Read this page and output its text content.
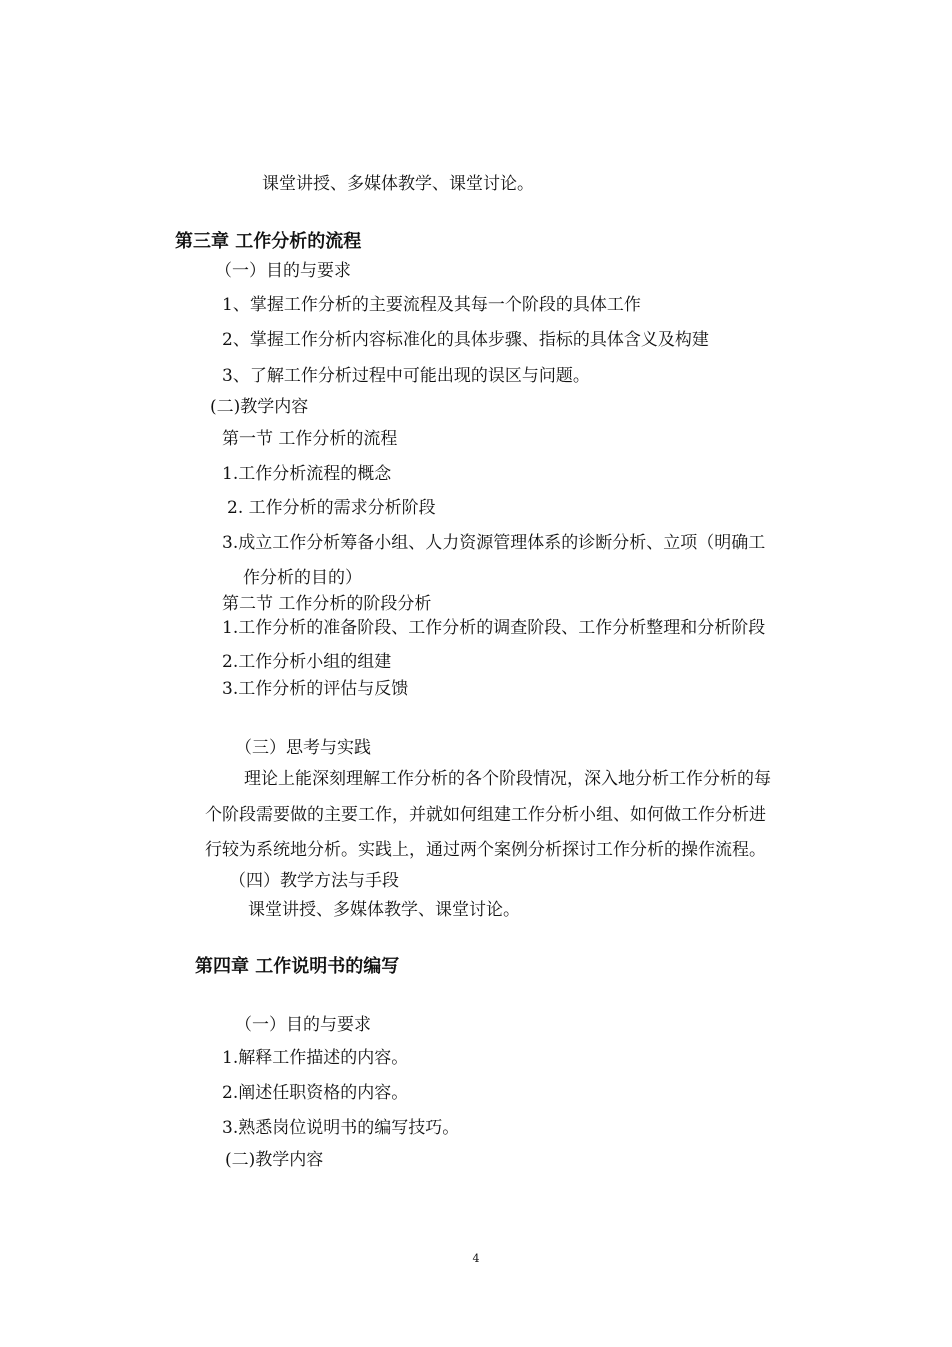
课堂讲授、多媒体教学、课堂讨论。
第三章 工作分析的流程
（一）目的与要求
1、掌握工作分析的主要流程及其每一个阶段的具体工作
2、掌握工作分析内容标准化的具体步骤、指标的具体含义及构建
3、了解工作分析过程中可能出现的误区与问题。
(二)教学内容
第一节 工作分析的流程
1.工作分析流程的概念
2. 工作分析的需求分析阶段
3.成立工作分析筹备小组、人力资源管理体系的诊断分析、立项（明确工
作分析的目的）
第二节 工作分析的阶段分析
1.工作分析的准备阶段、工作分析的调查阶段、工作分析整理和分析阶段
2.工作分析小组的组建
3.工作分析的评估与反馈
（三）思考与实践
理论上能深刻理解工作分析的各个阶段情况，深入地分析工作分析的每
个阶段需要做的主要工作，并就如何组建工作分析小组、如何做工作分析进
行较为系统地分析。实践上，通过两个案例分析探讨工作分析的操作流程。
（四）教学方法与手段
课堂讲授、多媒体教学、课堂讨论。
第四章 工作说明书的编写
（一）目的与要求
1.解释工作描述的内容。
2.阐述任职资格的内容。
3.熟悉岗位说明书的编写技巧。
(二)教学内容
4
